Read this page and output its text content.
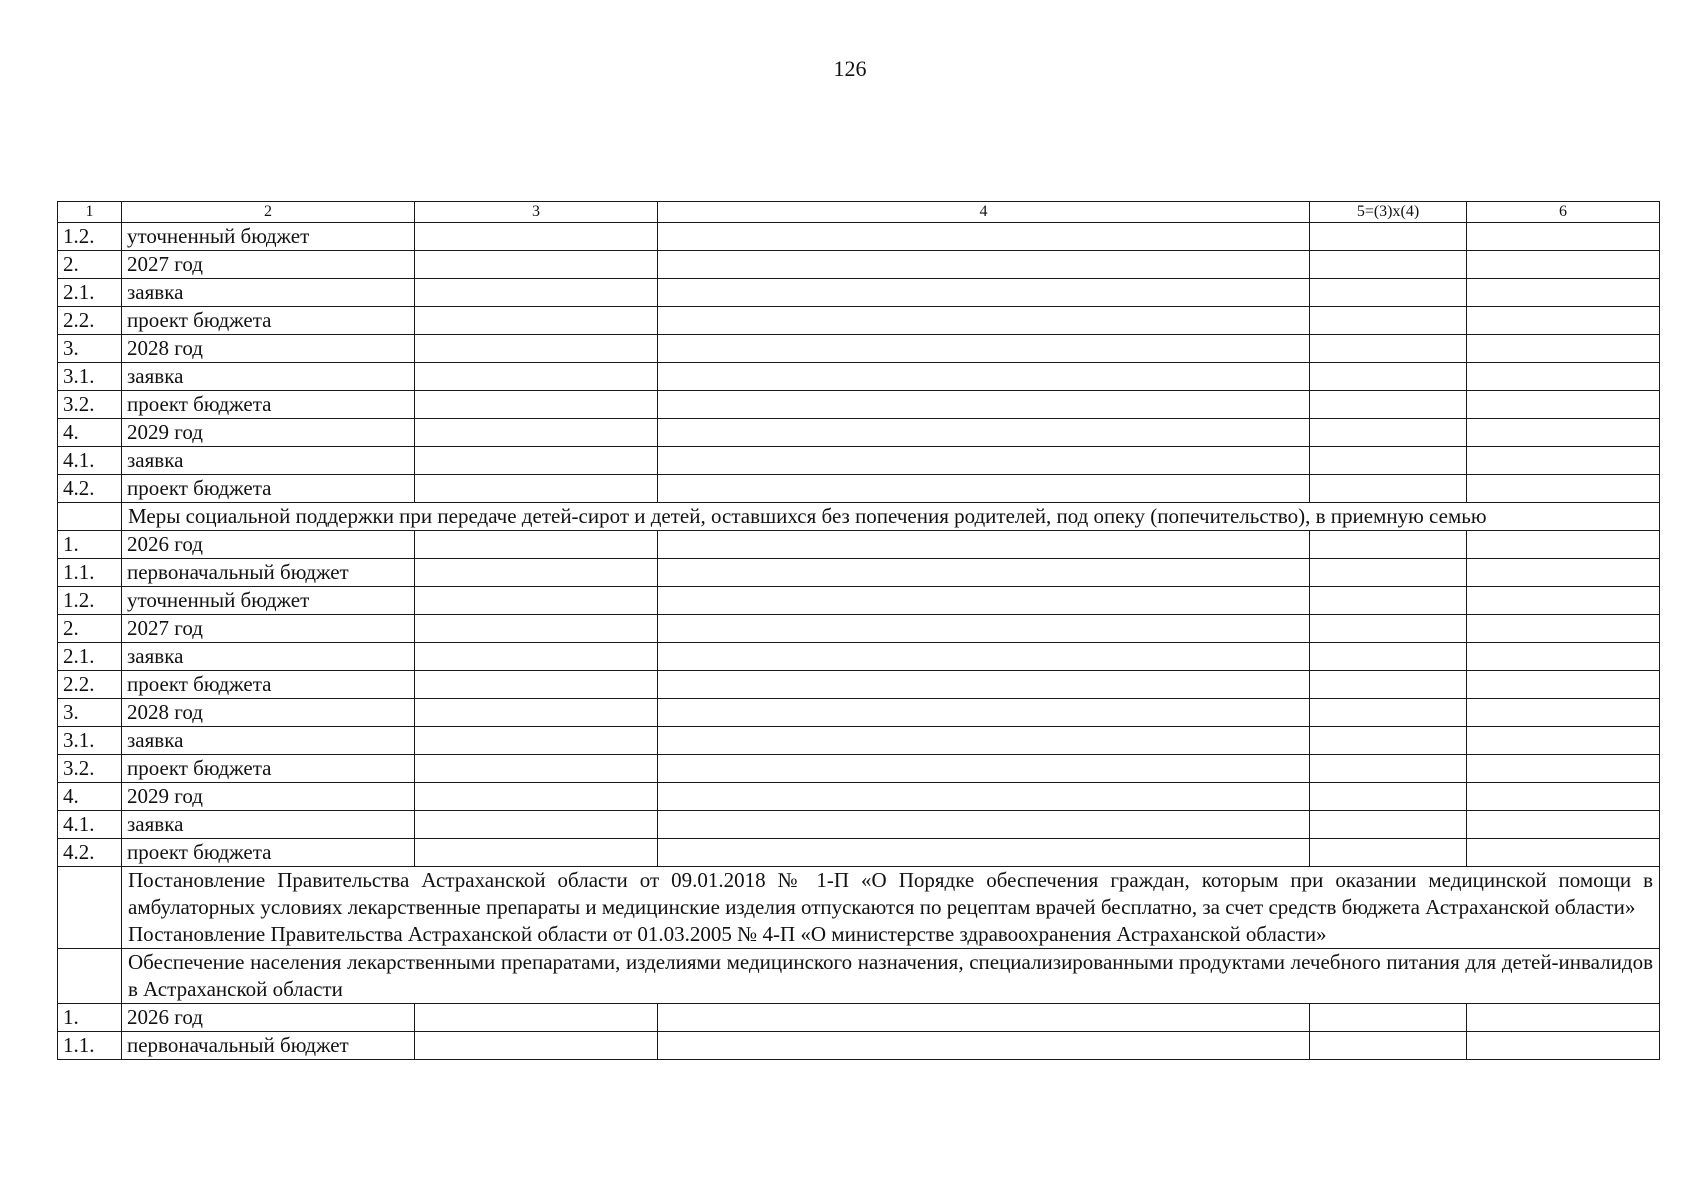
126
1	2	3	4	5=(3)x(4)	6
1.2.	уточненный бюджет				
2.	2027 год				
2.1.	заявка				
2.2.	проект бюджета				
3.	2028 год				
3.1.	заявка				
3.2.	проект бюджета				
4.	2029 год				
4.1.	заявка				
4.2.	проект бюджета				

	Меры социальной поддержки при передаче детей-сирот и детей, оставшихся без попечения родителей, под опеку (попечительство), в приемную семью				

1.	2026 год				
1.1.	первоначальный бюджет				
1.2.	уточненный бюджет				
2.	2027 год				
2.1.	заявка				
2.2.	проект бюджета				
3.	2028 год				
3.1.	заявка				
3.2.	проект бюджета				
4.	2029 год				
4.1.	заявка				
4.2.	проект бюджета				

	Постановление Правительства Астраханской области от 09.01.2018 № 1-П «О Порядке обеспечения граждан, которым при оказании медицинской помощи в амбулаторных условиях лекарственные препараты и медицинские изделия отпускаются по рецептам врачей бесплатно, за счет средств бюджета Астраханской области»
Постановление Правительства Астраханской области от 01.03.2005 № 4-П «О министерстве здравоохранения Астраханской области»				

	Обеспечение населения лекарственными препаратами, изделиями медицинского назначения, специализированными продуктами лечебного питания для детей-инвалидов в Астраханской области				

1.	2026 год				
1.1.	первоначальный бюджет				
